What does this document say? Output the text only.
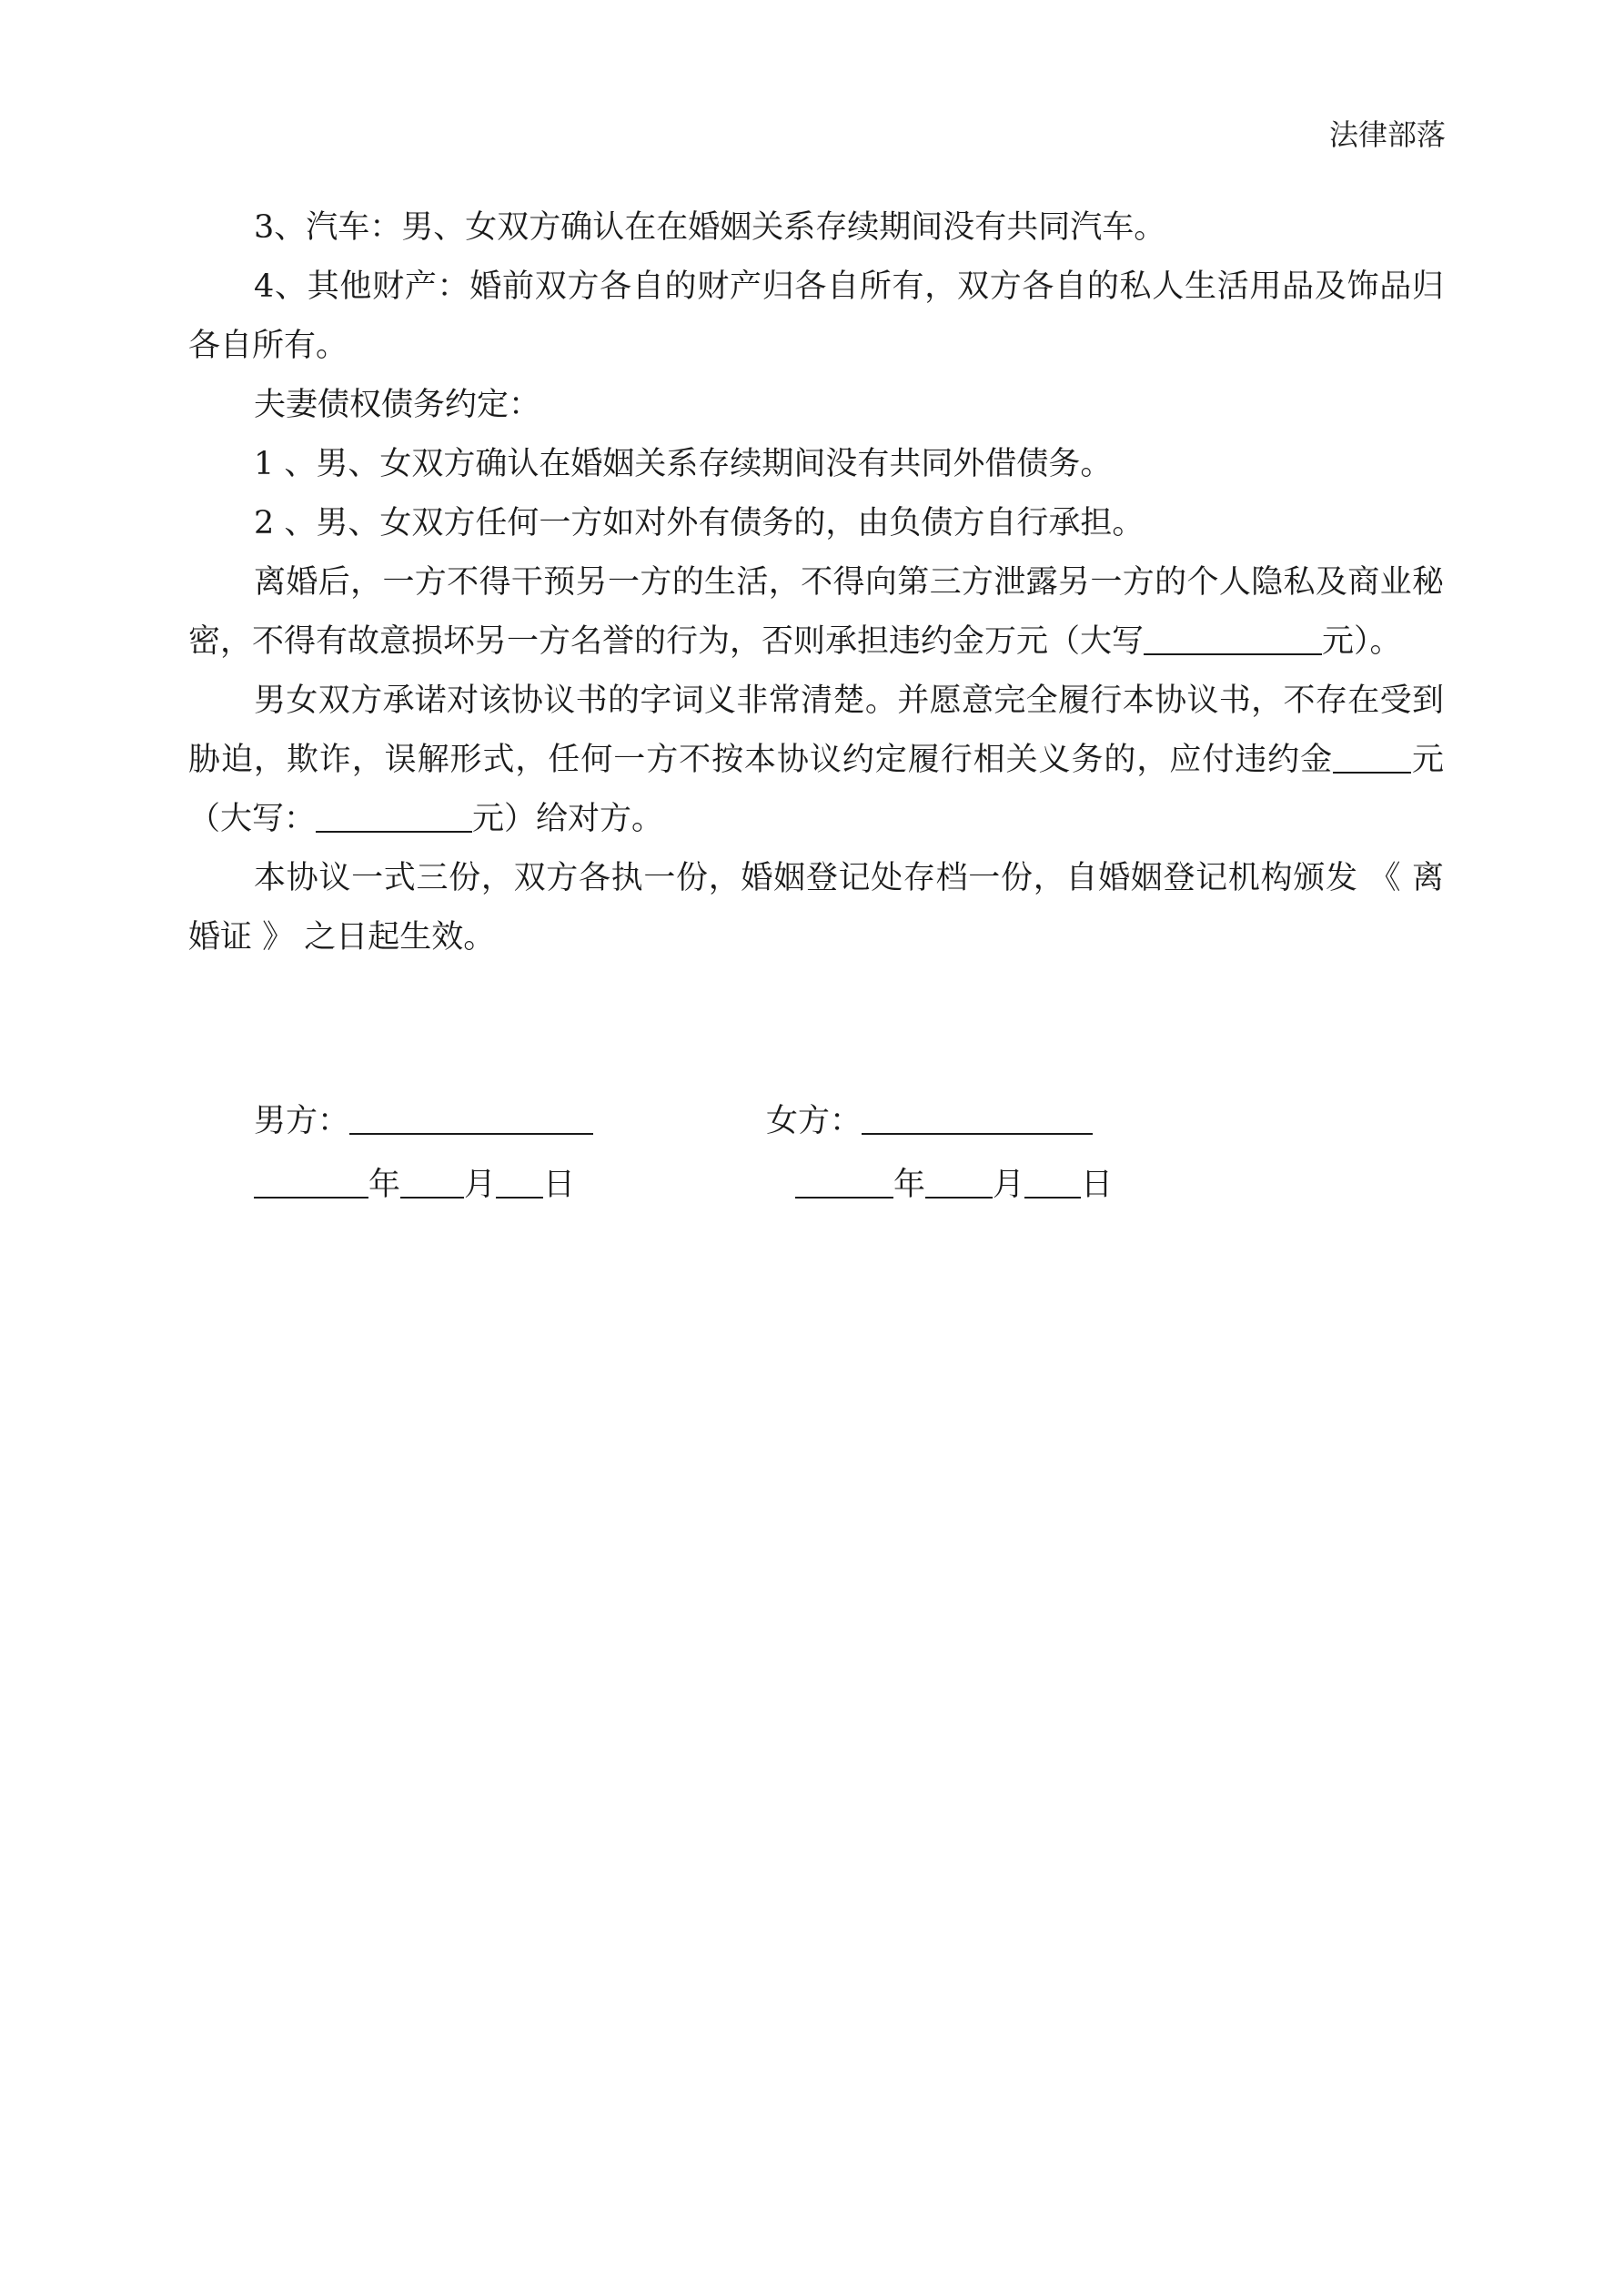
法律部落

3、汽车：男、女双方确认在在婚姻关系存续期间没有共同汽车。

4、其他财产：婚前双方各自的财产归各自所有，双方各自的私人生活用品及饰品归各自所有。

夫妻债权债务约定：

1 、男、女双方确认在婚姻关系存续期间没有共同外借债务。

2 、男、女双方任何一方如对外有债务的，由负债方自行承担。

离婚后，一方不得干预另一方的生活，不得向第三方泄露另一方的个人隐私及商业秘密，不得有故意损坏另一方名誉的行为，否则承担违约金万元（大写	元）。

男女双方承诺对该协议书的字词义非常清楚。并愿意完全履行本协议书，不存在受到胁迫，欺诈，误解形式，任何一方不按本协议约定履行相关义务的，应付违约金 元（大写：	元）给对方。

本协议一式三份，双方各执一份，婚姻登记处存档一份，自婚姻登记机构颁发 《 离婚证 》 之日起生效。

男方：	女方：
年 月 日	年 月 日
